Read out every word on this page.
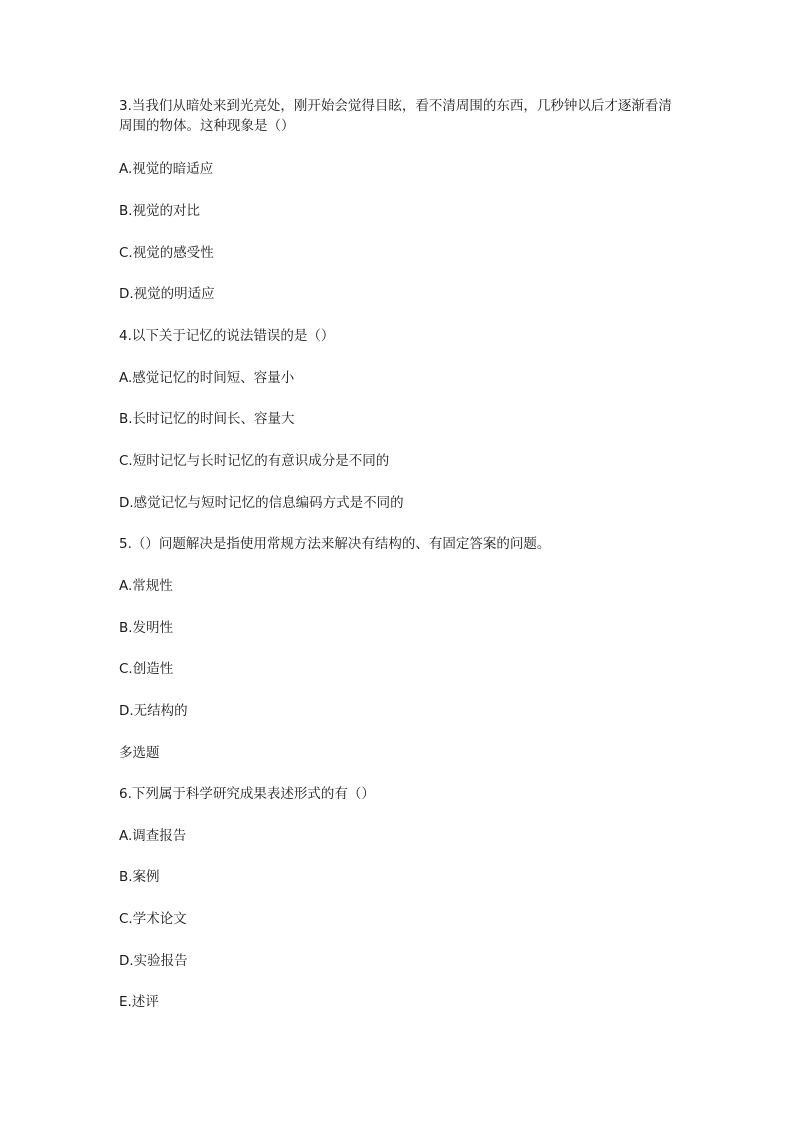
3.当我们从暗处来到光亮处，刚开始会觉得目眩，看不清周围的东西，几秒钟以后才逐渐看清周围的物体。这种现象是（）

A.视觉的暗适应

B.视觉的对比

C.视觉的感受性

D.视觉的明适应

4.以下关于记忆的说法错误的是（）

A.感觉记忆的时间短、容量小

B.长时记忆的时间长、容量大

C.短时记忆与长时记忆的有意识成分是不同的

D.感觉记忆与短时记忆的信息编码方式是不同的

5.（）问题解决是指使用常规方法来解决有结构的、有固定答案的问题。

A.常规性

B.发明性

C.创造性

D.无结构的

多选题

6.下列属于科学研究成果表述形式的有（）

A.调查报告

B.案例

C.学术论文

D.实验报告

E.述评
